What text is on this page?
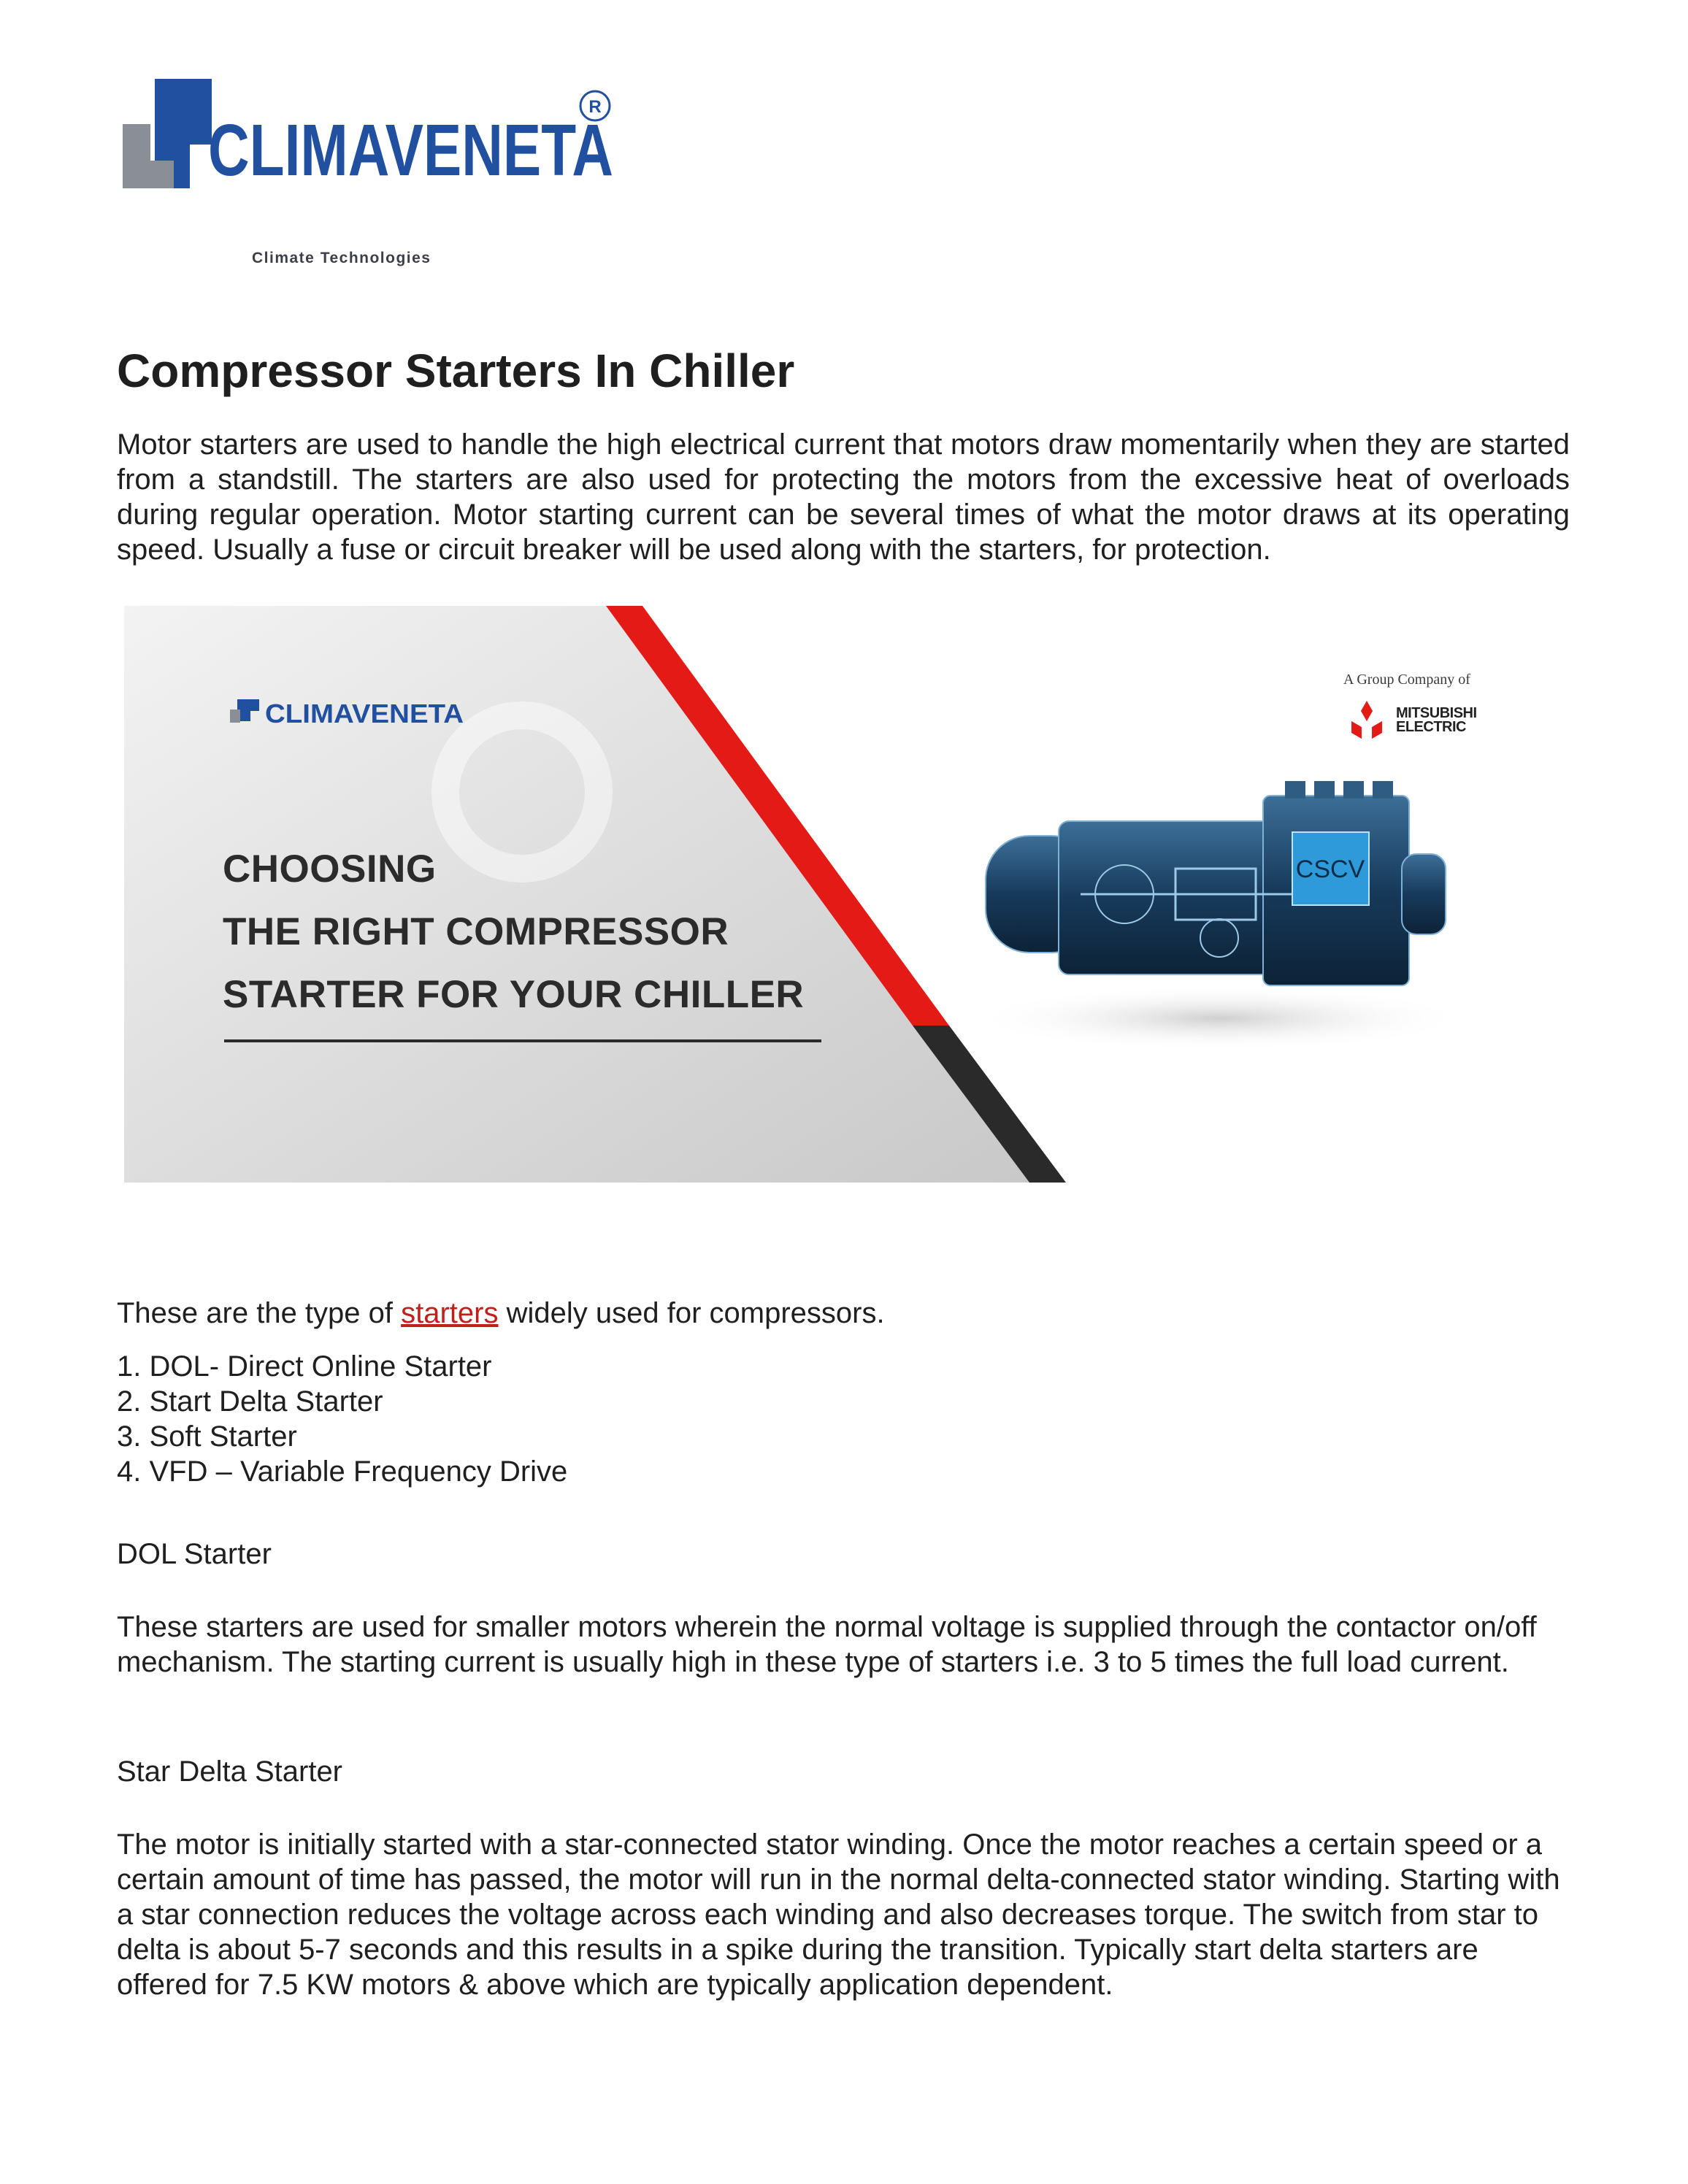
CLIMAVENETA
R
Climate Technologies
Compressor Starters In Chiller

Motor starters are used to handle the high electrical current that motors draw momentarily when they are started from a standstill. The starters are also used for protecting the motors from the excessive heat of overloads during regular operation. Motor starting current can be several times of what the motor draws at its operating speed. Usually a fuse or circuit breaker will be used along with the starters, for protection.

CLIMAVENETA
CHOOSING
THE RIGHT COMPRESSOR
STARTER FOR YOUR CHILLER
A Group Company of
MITSUBISHI
ELECTRIC
CSCV

These are the type of starters widely used for compressors.

1. DOL- Direct Online Starter
2. Start Delta Starter
3. Soft Starter
4. VFD – Variable Frequency Drive

DOL Starter

These starters are used for smaller motors wherein the normal voltage is supplied through the contactor on/off mechanism. The starting current is usually high in these type of starters i.e. 3 to 5 times the full load current.

Star Delta Starter

The motor is initially started with a star-connected stator winding. Once the motor reaches a certain speed or a certain amount of time has passed, the motor will run in the normal delta-connected stator winding. Starting with a star connection reduces the voltage across each winding and also decreases torque. The switch from star to delta is about 5-7 seconds and this results in a spike during the transition. Typically start delta starters are offered for 7.5 KW motors & above which are typically application dependent.
